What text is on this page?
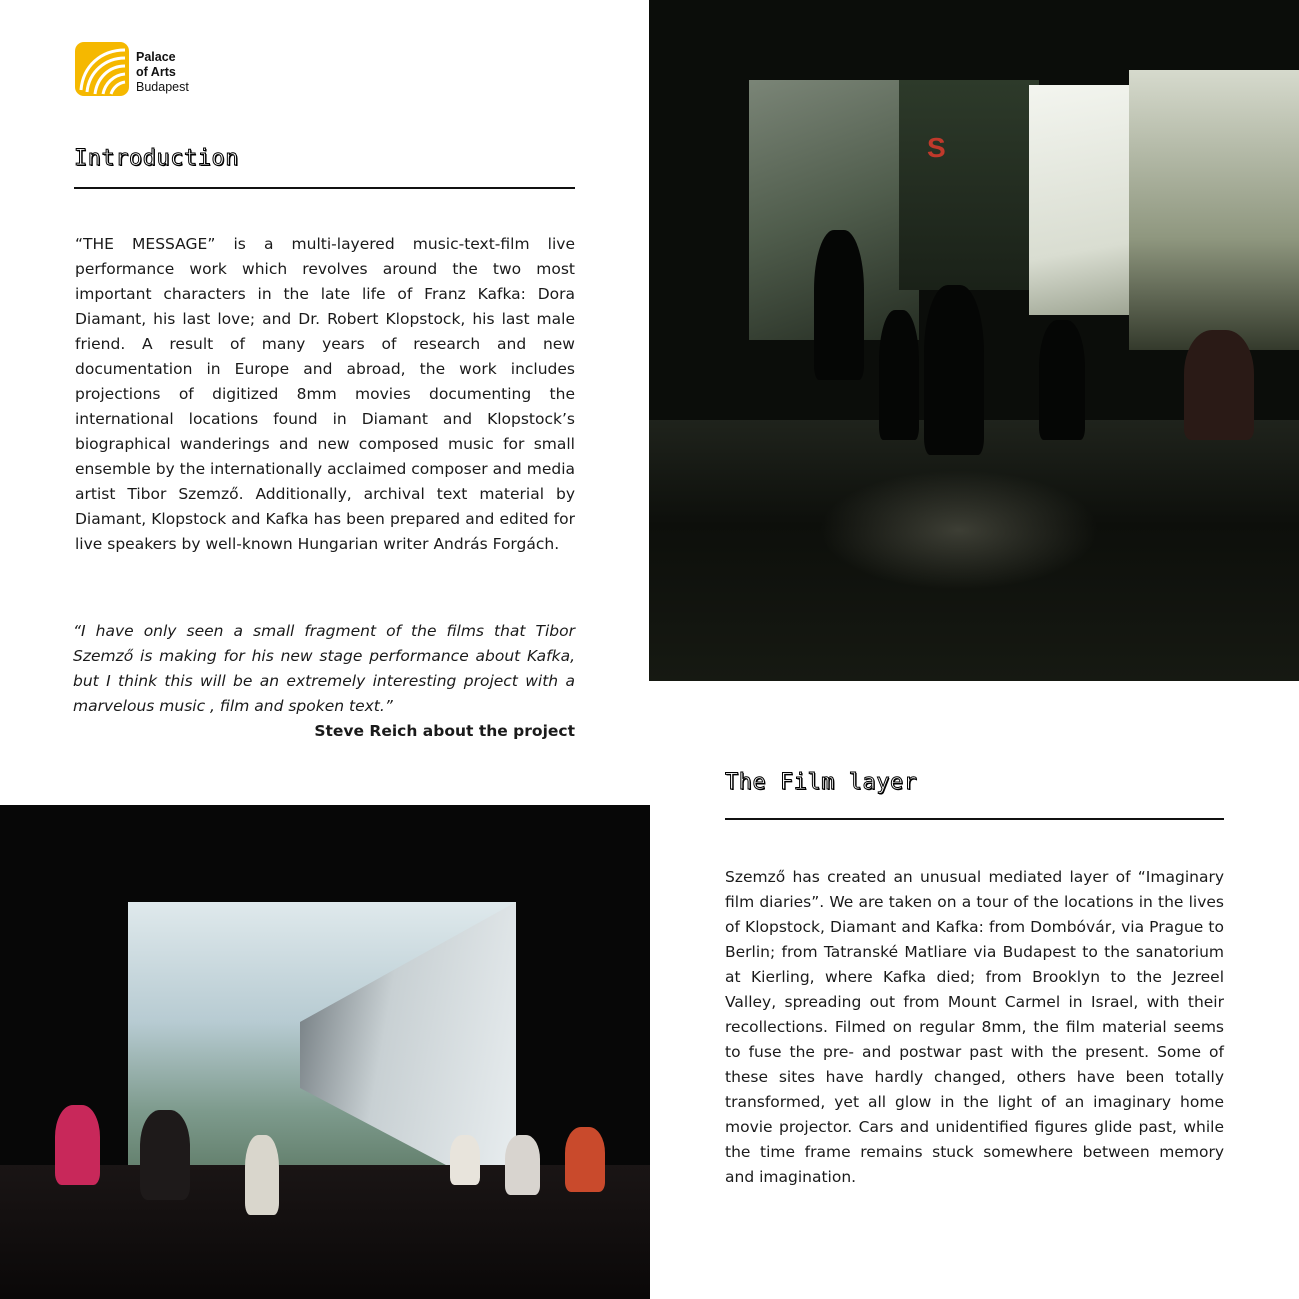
Palace
of Arts
Budapest
Introduction

“THE MESSAGE” is a multi-layered music-text-film live performance work which revolves around the two most important characters in the late life of Franz Kafka: Dora Diamant, his last love; and Dr. Robert Klopstock, his last male friend. A result of many years of research and new documentation in Europe and abroad, the work includes projections of digitized 8mm movies documenting the international locations found in Diamant and Klopstock’s biographical wanderings and new composed music for small ensemble by the internationally acclaimed composer and media artist Tibor Szemző. Additionally, archival text material by Diamant, Klopstock and Kafka has been prepared and edited for live speakers by well-known Hungarian writer András Forgách.

“I have only seen a small fragment of the films that Tibor Szemző is making for his new stage performance about Kafka, but I think this will be an extremely interesting project with a marvelous music , film and spoken text.”

Steve Reich about the project

S
The Film layer

Szemző has created an unusual mediated layer of “Imaginary film diaries”. We are taken on a tour of the locations in the lives of Klopstock, Diamant and Kafka: from Dombóvár, via Prague to Berlin; from Tatranské Matliare via Budapest to the sanatorium at Kierling, where Kafka died; from Brooklyn to the Jezreel Valley, spreading out from Mount Carmel in Israel, with their recollections. Filmed on regular 8mm, the film material seems to fuse the pre- and postwar past with the present. Some of these sites have hardly changed, others have been totally transformed, yet all glow in the light of an imaginary home movie projector. Cars and unidentified figures glide past, while the time frame remains stuck somewhere between memory and imagination.
